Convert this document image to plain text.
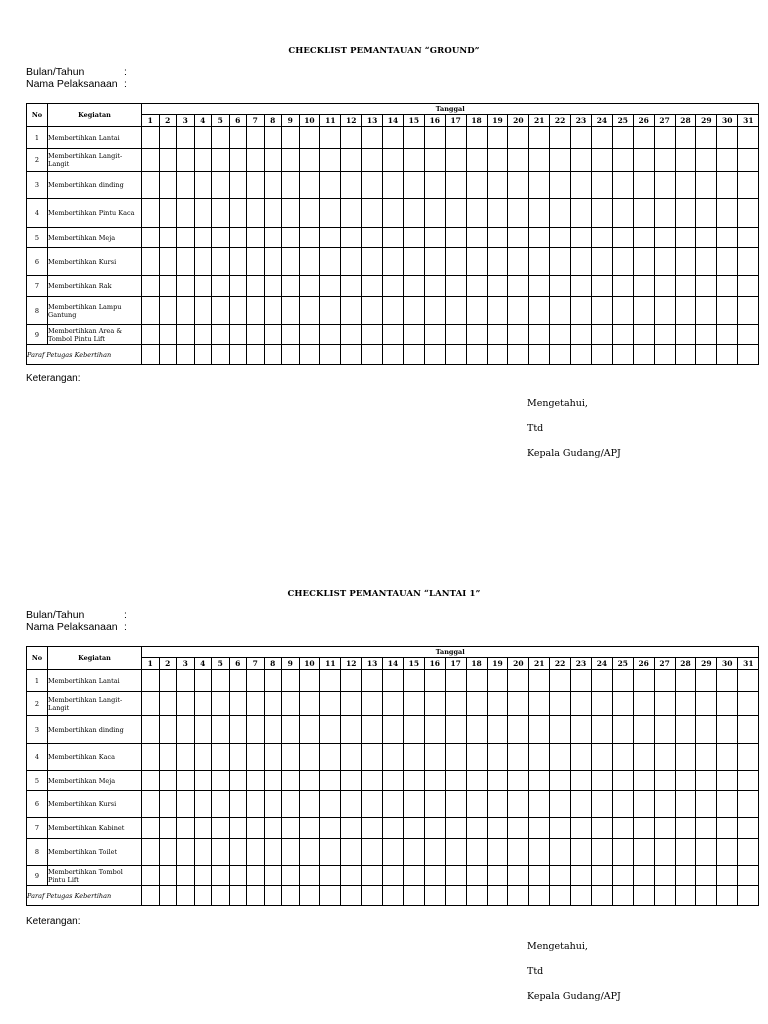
CHECKLIST PEMANTAUAN “GROUND”
Bulan/Tahun	:
Nama Pelaksanaan :
No	Kegiatan	Tanggal																														
		1	2	3	4	5	6	7	8	9	10	11	12	13	14	15	16	17	18	19	20	21	22	23	24	25	26	27	28	29	30	31
1	Membertihkan Lantai																															
2	Membertihkan Langit-Langit																															
3	Membertihkan dinding																															
4	Membertihkan Pintu Kaca																															
5	Membertihkan Meja																															
6	Membertihkan Kursi																															
7	Membertihkan Rak																															
8	Membertihkan Lampu Gantung																															
9	Membertihkan Area & Tombol Pintu Lift																															
Paraf Petugas Kebertihan																																
Keterangan:
Mengetahui,
Ttd
Kepala Gudang/APJ
CHECKLIST PEMANTAUAN “LANTAI 1”
Bulan/Tahun	:
Nama Pelaksanaan :
No	Kegiatan	Tanggal																														
		1	2	3	4	5	6	7	8	9	10	11	12	13	14	15	16	17	18	19	20	21	22	23	24	25	26	27	28	29	30	31
1	Membertihkan Lantai																															
2	Membertihkan Langit-Langit																															
3	Membertihkan dinding																															
4	Membertihkan Kaca																															
5	Membertihkan Meja																															
6	Membertihkan Kursi																															
7	Membertihkan Kabinet																															
8	Membertihkan Toilet																															
9	Membertihkan Tombol Pintu Lift																															
Paraf Petugas Kebertihan																																
Keterangan:
Mengetahui,
Ttd
Kepala Gudang/APJ
